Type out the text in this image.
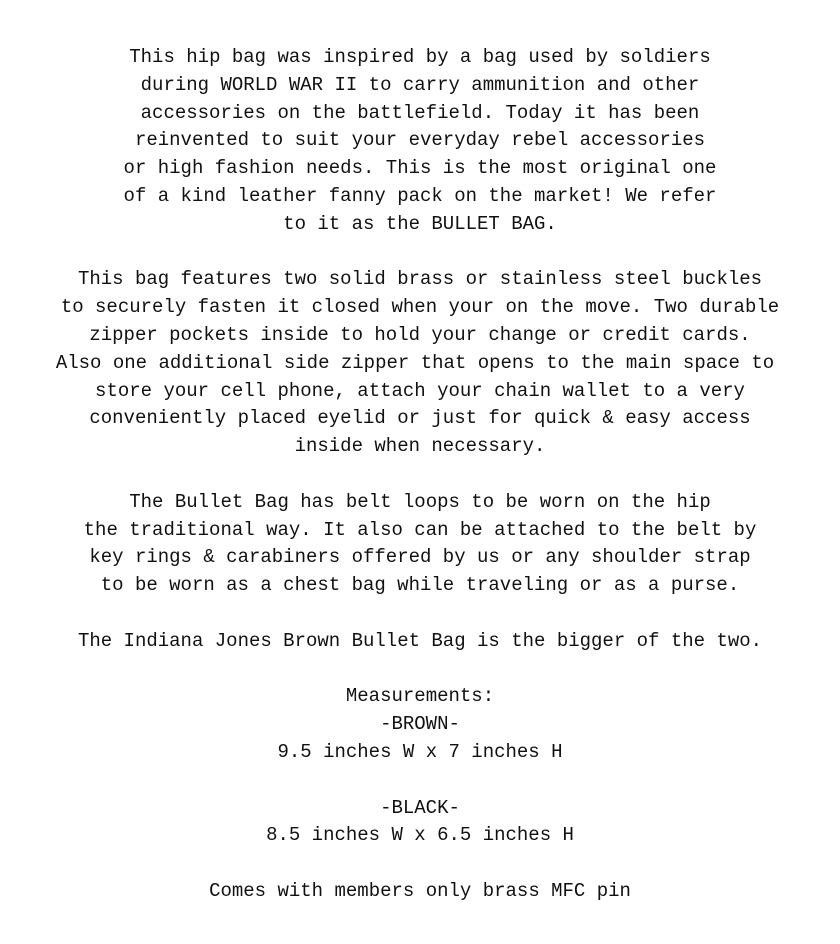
This hip bag was inspired by a bag used by soldiers
during WORLD WAR II to carry ammunition and other
accessories on the battlefield. Today it has been
reinvented to suit your everyday rebel accessories
or high fashion needs. This is the most original one
of a kind leather fanny pack on the market! We refer
to it as the BULLET BAG.
This bag features two solid brass or stainless steel buckles
to securely fasten it closed when your on the move. Two durable
zipper pockets inside to hold your change or credit cards.
Also one additional side zipper that opens to the main space to
store your cell phone, attach your chain wallet to a very
conveniently placed eyelid or just for quick & easy access
inside when necessary.
The Bullet Bag has belt loops to be worn on the hip
the traditional way. It also can be attached to the belt by
key rings & carabiners offered by us or any shoulder strap
to be worn as a chest bag while traveling or as a purse.
The Indiana Jones Brown Bullet Bag is the bigger of the two.
Measurements:
-BROWN-
9.5 inches W x 7 inches H
-BLACK-
8.5 inches W x 6.5 inches H
Comes with members only brass MFC pin
